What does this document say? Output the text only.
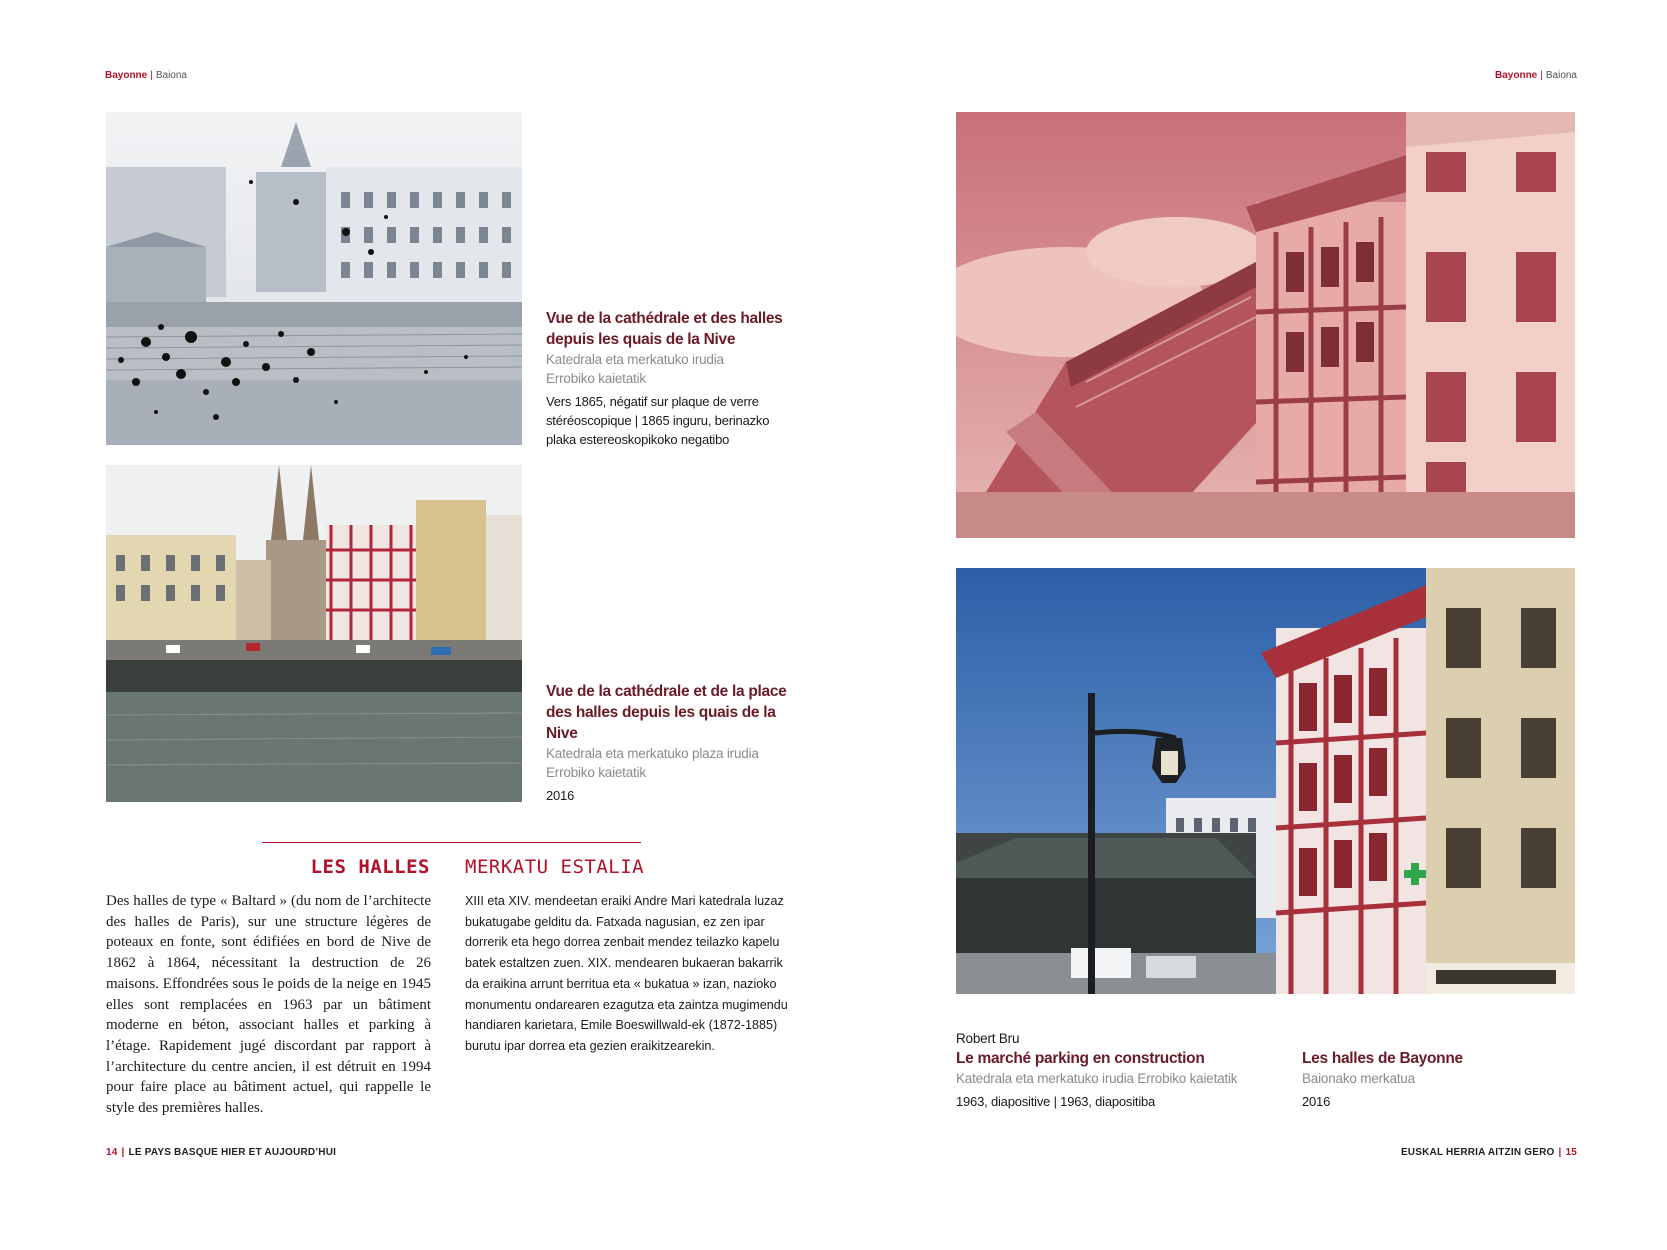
Bayonne | Baiona	Bayonne | Baiona
Vue de la cathédrale et des halles depuis les quais de la Nive
Katedrala eta merkatuko irudia
Errobiko kaietatik
Vers 1865, négatif sur plaque de verre
stéréoscopique | 1865 inguru, berinazko
plaka estereoskopikoko negatibo
Vue de la cathédrale et de la place des halles depuis les quais de la Nive
Katedrala eta merkatuko plaza irudia
Errobiko kaietatik
2016
LES HALLES MERKATU ESTALIA
Des halles de type « Baltard » (du nom de l’architecte des halles de Paris), sur une structure légères de poteaux en fonte, sont édifiées en bord de Nive de 1862 à 1864, nécessitant la destruction de 26 maisons. Effondrées sous le poids de la neige en 1945 elles sont remplacées en 1963 par un bâtiment moderne en béton, associant halles et parking à l’étage. Rapidement jugé discordant par rapport à l’architecture du centre ancien, il est détruit en 1994 pour faire place au bâtiment actuel, qui rappelle le style des premières halles.
XIII eta XIV. mendeetan eraiki Andre Mari katedrala luzaz bukatugabe gelditu da. Fatxada nagusian, ez zen ipar dorrerik eta hego dorrea zenbait mendez teilazko kapelu batek estaltzen zuen. XIX. mendearen bukaeran bakarrik da eraikina arrunt berritua eta « bukatua » izan, nazioko monumentu ondarearen ezagutza eta zaintza mugimendu handiaren karietara, Emile Boeswillwald-ek (1872-1885) burutu ipar dorrea eta gezien eraikitzearekin.	Robert Bru
Le marché parking en construction
Katedrala eta merkatuko irudia Errobiko kaietatik
1963, diapositive | 1963, diapositiba
Les halles de Bayonne
Baionako merkatua
2016
14 | LE PAYS BASQUE HIER ET AUJOURD’HUI	EUSKAL HERRIA AITZIN GERO | 15
